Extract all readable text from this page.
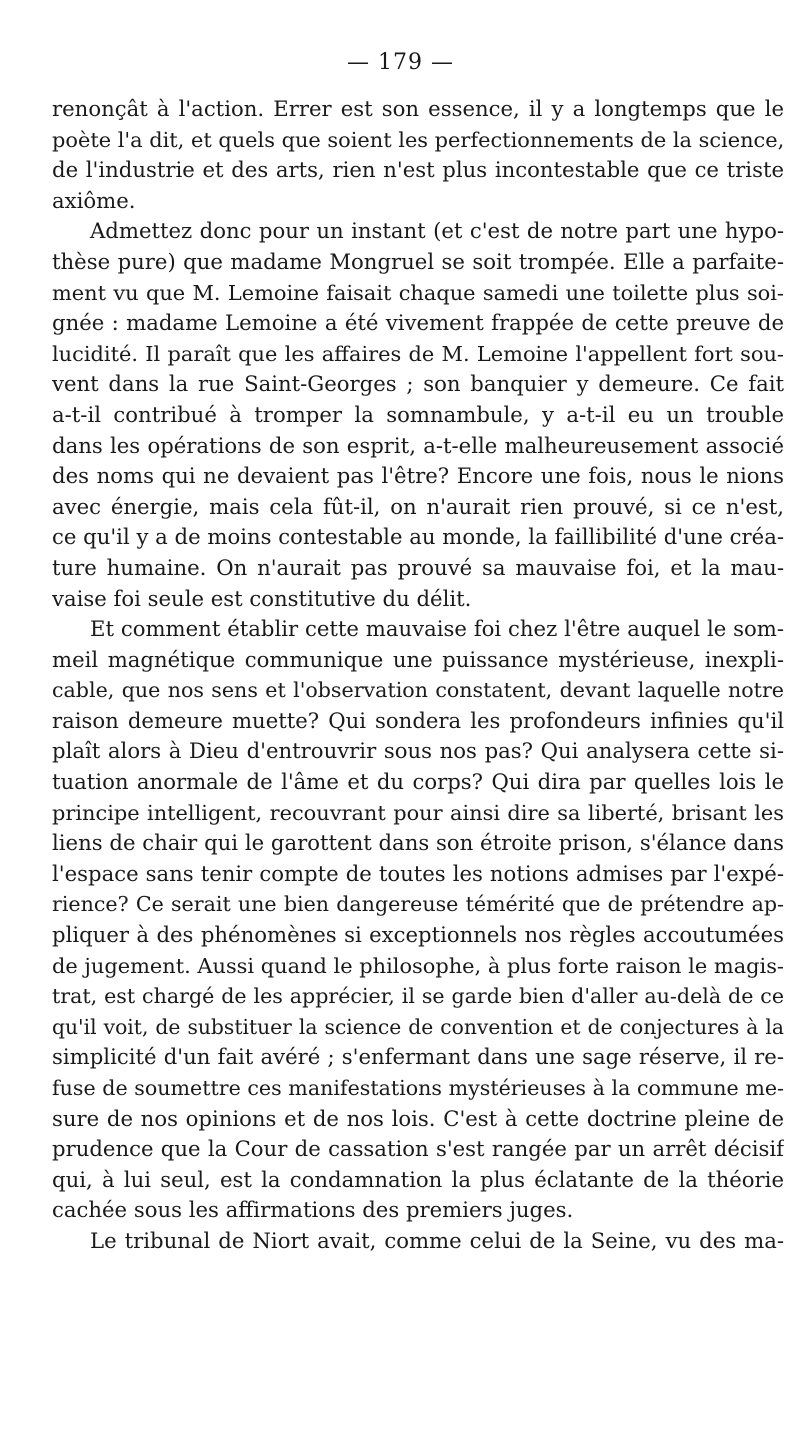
— 179 —
renonçât à l'action. Errer est son essence, il y a longtemps que le
poète l'a dit, et quels que soient les perfectionnements de la science,
de l'industrie et des arts, rien n'est plus incontestable que ce triste
axiôme.
Admettez donc pour un instant (et c'est de notre part une hypo-
thèse pure) que madame Mongruel se soit trompée. Elle a parfaite-
ment vu que M. Lemoine faisait chaque samedi une toilette plus soi-
gnée : madame Lemoine a été vivement frappée de cette preuve de
lucidité. Il paraît que les affaires de M. Lemoine l'appellent fort sou-
vent dans la rue Saint-Georges ; son banquier y demeure. Ce fait
a-t-il contribué à tromper la somnambule, y a-t-il eu un trouble
dans les opérations de son esprit, a-t-elle malheureusement associé
des noms qui ne devaient pas l'être? Encore une fois, nous le nions
avec énergie, mais cela fût-il, on n'aurait rien prouvé, si ce n'est,
ce qu'il y a de moins contestable au monde, la faillibilité d'une créa-
ture humaine. On n'aurait pas prouvé sa mauvaise foi, et la mau-
vaise foi seule est constitutive du délit.
Et comment établir cette mauvaise foi chez l'être auquel le som-
meil magnétique communique une puissance mystérieuse, inexpli-
cable, que nos sens et l'observation constatent, devant laquelle notre
raison demeure muette? Qui sondera les profondeurs infinies qu'il
plaît alors à Dieu d'entrouvrir sous nos pas? Qui analysera cette si-
tuation anormale de l'âme et du corps? Qui dira par quelles lois le
principe intelligent, recouvrant pour ainsi dire sa liberté, brisant les
liens de chair qui le garottent dans son étroite prison, s'élance dans
l'espace sans tenir compte de toutes les notions admises par l'expé-
rience? Ce serait une bien dangereuse témérité que de prétendre ap-
pliquer à des phénomènes si exceptionnels nos règles accoutumées
de jugement. Aussi quand le philosophe, à plus forte raison le magis-
trat, est chargé de les apprécier, il se garde bien d'aller au-delà de ce
qu'il voit, de substituer la science de convention et de conjectures à la
simplicité d'un fait avéré ; s'enfermant dans une sage réserve, il re-
fuse de soumettre ces manifestations mystérieuses à la commune me-
sure de nos opinions et de nos lois. C'est à cette doctrine pleine de
prudence que la Cour de cassation s'est rangée par un arrêt décisif
qui, à lui seul, est la condamnation la plus éclatante de la théorie
cachée sous les affirmations des premiers juges.
Le tribunal de Niort avait, comme celui de la Seine, vu des ma-
